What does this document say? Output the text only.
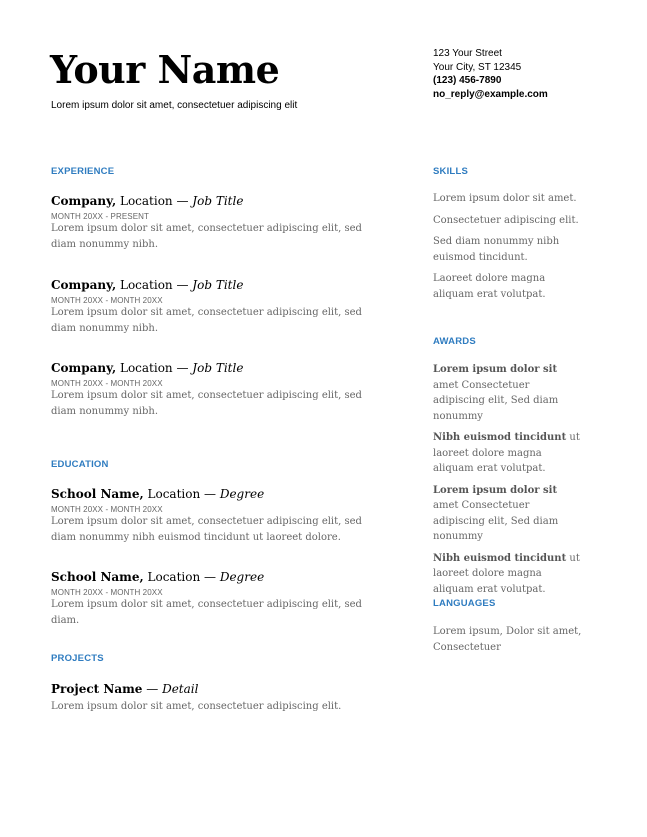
Your Name
Lorem ipsum dolor sit amet, consectetuer adipiscing elit
123 Your Street
Your City, ST 12345
(123) 456-7890
no_reply@example.com
EXPERIENCE
Company, Location — Job Title
MONTH 20XX - PRESENT
Lorem ipsum dolor sit amet, consectetuer adipiscing elit, sed diam nonummy nibh.
Company, Location — Job Title
MONTH 20XX - MONTH 20XX
Lorem ipsum dolor sit amet, consectetuer adipiscing elit, sed diam nonummy nibh.
Company, Location — Job Title
MONTH 20XX - MONTH 20XX
Lorem ipsum dolor sit amet, consectetuer adipiscing elit, sed diam nonummy nibh.
EDUCATION
School Name, Location — Degree
MONTH 20XX - MONTH 20XX
Lorem ipsum dolor sit amet, consectetuer adipiscing elit, sed diam nonummy nibh euismod tincidunt ut laoreet dolore.
School Name, Location — Degree
MONTH 20XX - MONTH 20XX
Lorem ipsum dolor sit amet, consectetuer adipiscing elit, sed diam.
PROJECTS
Project Name — Detail
Lorem ipsum dolor sit amet, consectetuer adipiscing elit.
SKILLS
Lorem ipsum dolor sit amet.
Consectetuer adipiscing elit.
Sed diam nonummy nibh euismod tincidunt.
Laoreet dolore magna aliquam erat volutpat.
AWARDS
Lorem ipsum dolor sit amet Consectetuer adipiscing elit, Sed diam nonummy
Nibh euismod tincidunt ut laoreet dolore magna aliquam erat volutpat.
Lorem ipsum dolor sit amet Consectetuer adipiscing elit, Sed diam nonummy
Nibh euismod tincidunt ut laoreet dolore magna aliquam erat volutpat.
LANGUAGES
Lorem ipsum, Dolor sit amet, Consectetuer
